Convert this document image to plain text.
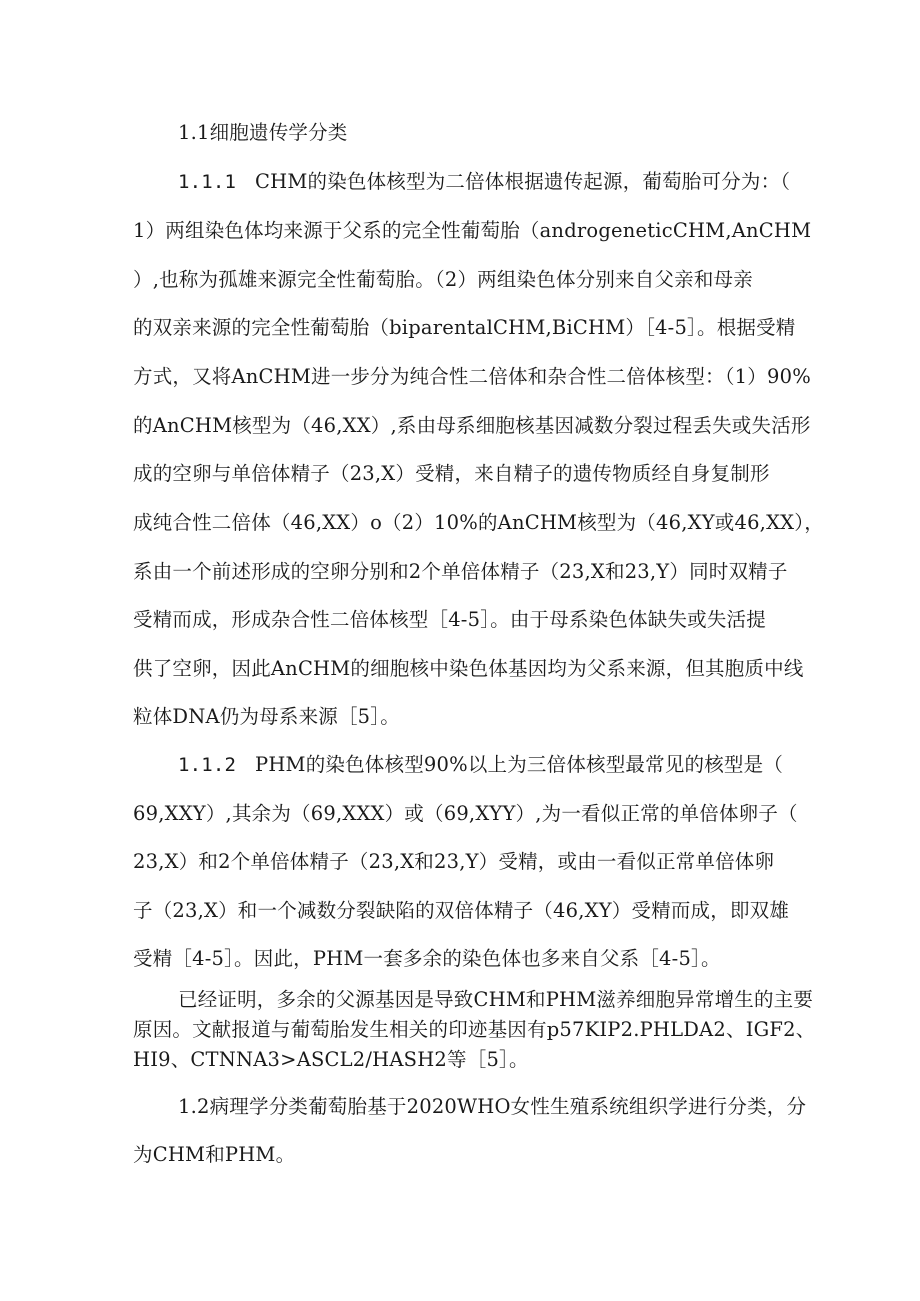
1.1细胞遗传学分类
1.1.1 CHM的染色体核型为二倍体根据遗传起源，葡萄胎可分为：（
1）两组染色体均来源于父系的完全性葡萄胎（androgeneticCHM,AnCHM
）,也称为孤雄来源完全性葡萄胎。（2）两组染色体分别来自父亲和母亲
的双亲来源的完全性葡萄胎（biparentalCHM,BiCHM）［4-5］。根据受精
方式，又将AnCHM进一步分为纯合性二倍体和杂合性二倍体核型：（1）90%
的AnCHM核型为（46,XX）,系由母系细胞核基因减数分裂过程丢失或失活形
成的空卵与单倍体精子（23,X）受精，来自精子的遗传物质经自身复制形
成纯合性二倍体（46,XX）o（2）10%的AnCHM核型为（46,XY或46,XX），
系由一个前述形成的空卵分别和2个单倍体精子（23,X和23,Y）同时双精子
受精而成，形成杂合性二倍体核型［4-5］。由于母系染色体缺失或失活提
供了空卵，因此AnCHM的细胞核中染色体基因均为父系来源，但其胞质中线
粒体DNA仍为母系来源［5］。
1.1.2 PHM的染色体核型90%以上为三倍体核型最常见的核型是（
69,XXY）,其余为（69,XXX）或（69,XYY）,为一看似正常的单倍体卵子（
23,X）和2个单倍体精子（23,X和23,Y）受精，或由一看似正常单倍体卵
子（23,X）和一个减数分裂缺陷的双倍体精子（46,XY）受精而成，即双雄
受精［4-5］。因此，PHM一套多余的染色体也多来自父系［4-5］。
已经证明，多余的父源基因是导致CHM和PHM滋养细胞异常增生的主要
原因。文献报道与葡萄胎发生相关的印迹基因有p57KIP2.PHLDA2、IGF2、
HI9、CTNNA3>ASCL2/HASH2等［5］。
1.2病理学分类葡萄胎基于2020WHO女性生殖系统组织学进行分类，分
为CHM和PHM。
